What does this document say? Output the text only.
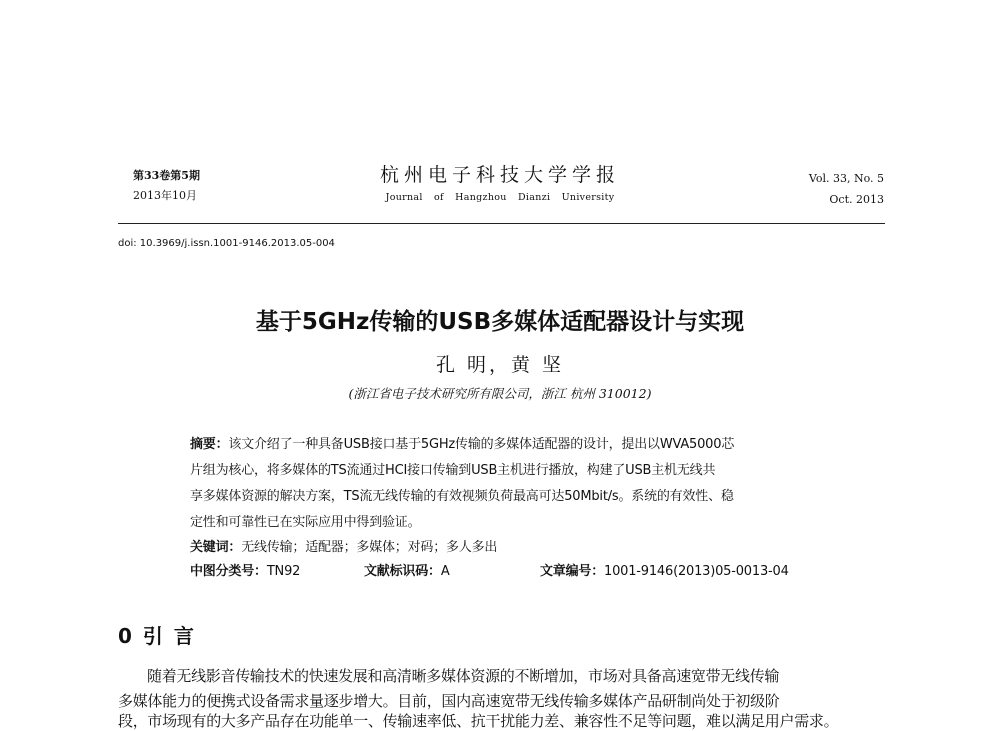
第33卷第5期
2013年10月
杭州电子科技大学学报
Journal of Hangzhou Dianzi University
Vol. 33, No. 5
Oct. 2013
doi: 10.3969/j.issn.1001-9146.2013.05-004
基于5GHz传输的USB多媒体适配器设计与实现
孔 明，黄 坚
(浙江省电子技术研究所有限公司，浙江 杭州 310012)
摘要：该文介绍了一种具备USB接口基于5GHz传输的多媒体适配器的设计，提出以WVA5000芯
片组为核心，将多媒体的TS流通过HCI接口传输到USB主机进行播放，构建了USB主机无线共
享多媒体资源的解决方案，TS流无线传输的有效视频负荷最高可达50Mbit/s。系统的有效性、稳
定性和可靠性已在实际应用中得到验证。
关键词：无线传输；适配器；多媒体；对码；多人多出
中图分类号：TN92	文献标识码：A	文章编号：1001-9146(2013)05-0013-04
0 引 言
随着无线影音传输技术的快速发展和高清晰多媒体资源的不断增加，市场对具备高速宽带无线传输
多媒体能力的便携式设备需求量逐步增大。目前，国内高速宽带无线传输多媒体产品研制尚处于初级阶
段，市场现有的大多产品存在功能单一、传输速率低、抗干扰能力差、兼容性不足等问题，难以满足用户需求。
